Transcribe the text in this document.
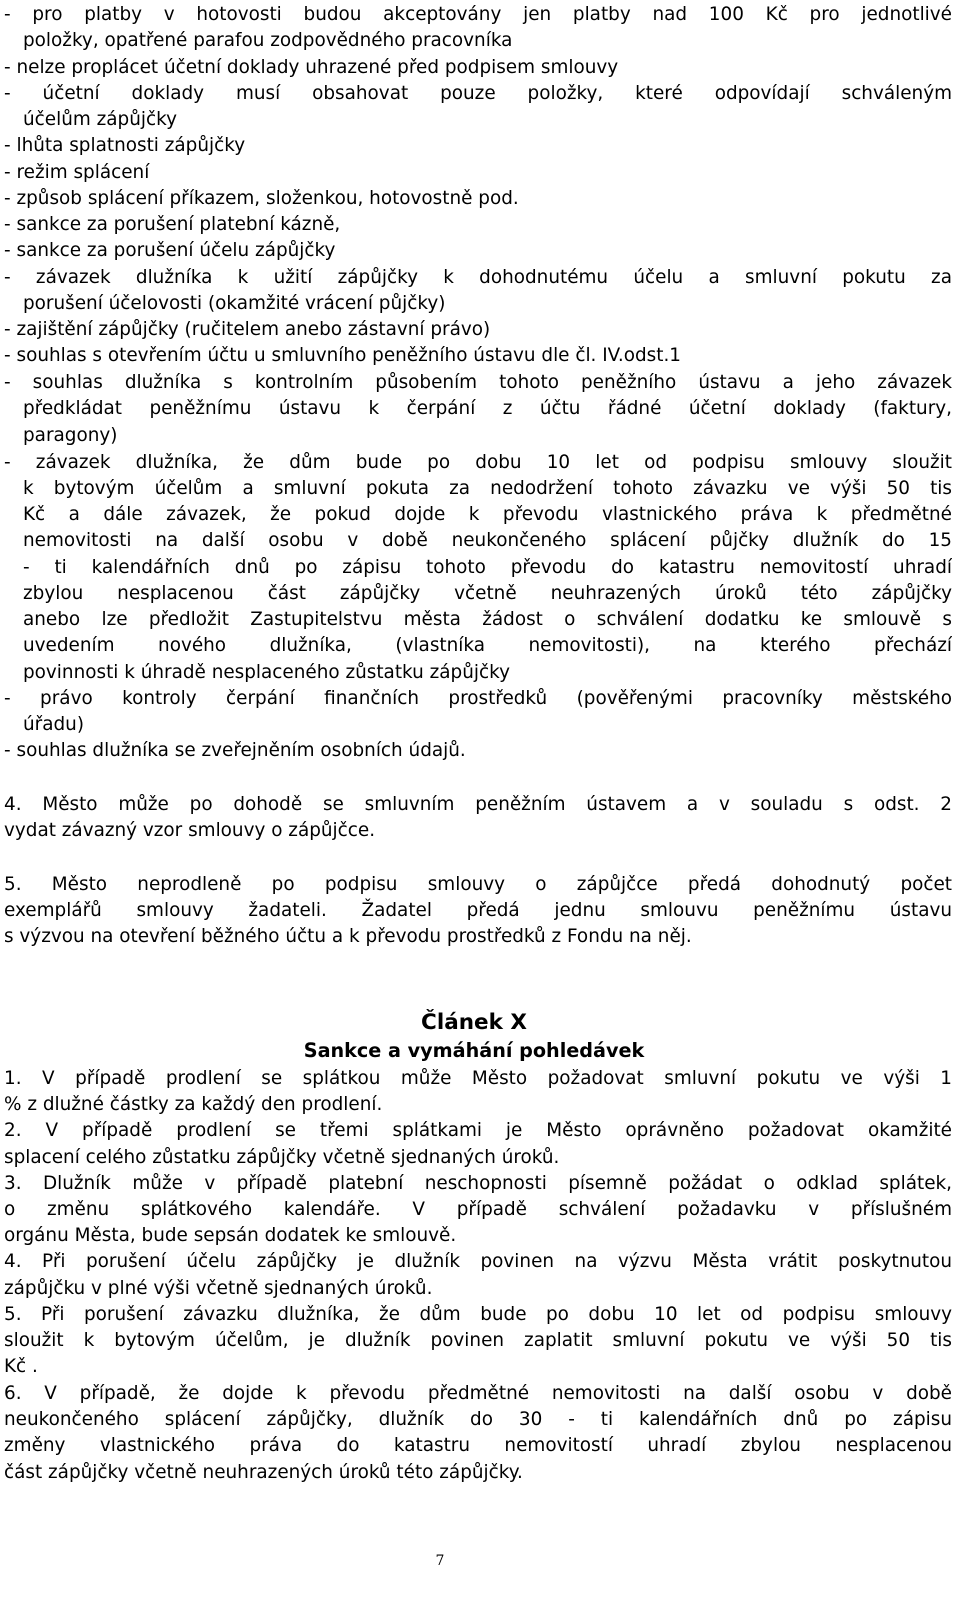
- pro platby v hotovosti budou akceptovány jen platby nad 100 Kč pro jednotlivé
položky, opatřené parafou zodpovědného pracovníka
- nelze proplácet účetní doklady uhrazené před podpisem smlouvy
- účetní doklady musí obsahovat pouze položky, které odpovídají schváleným
účelům zápůjčky
- lhůta splatnosti zápůjčky
- režim splácení
- způsob splácení příkazem, složenkou, hotovostně pod.
- sankce za porušení platební kázně,
- sankce za porušení účelu zápůjčky
- závazek dlužníka k užití zápůjčky k dohodnutému účelu a smluvní pokutu za
porušení účelovosti (okamžité vrácení půjčky)
- zajištění zápůjčky (ručitelem anebo zástavní právo)
- souhlas s otevřením účtu u smluvního peněžního ústavu dle čl. IV.odst.1
- souhlas dlužníka s kontrolním působením tohoto peněžního ústavu a jeho závazek
předkládat peněžnímu ústavu k čerpání z účtu řádné účetní doklady (faktury,
paragony)
- závazek dlužníka, že dům bude po dobu 10 let od podpisu smlouvy sloužit
k bytovým účelům a smluvní pokuta za nedodržení tohoto závazku ve výši 50 tis
Kč a dále závazek, že pokud dojde k převodu vlastnického práva k předmětné
nemovitosti na další osobu v době neukončeného splácení půjčky dlužník do 15
- ti kalendářních dnů po zápisu tohoto převodu do katastru nemovitostí uhradí
zbylou nesplacenou část zápůjčky včetně neuhrazených úroků této zápůjčky
anebo lze předložit Zastupitelstvu města žádost o schválení dodatku ke smlouvě s
uvedením nového dlužníka, (vlastníka nemovitosti), na kterého přechází
povinnosti k úhradě nesplaceného zůstatku zápůjčky
- právo kontroly čerpání finančních prostředků (pověřenými pracovníky městského
úřadu)
- souhlas dlužníka se zveřejněním osobních údajů.
4. Město může po dohodě se smluvním peněžním ústavem a v souladu s odst. 2
vydat závazný vzor smlouvy o zápůjčce.
5. Město neprodleně po podpisu smlouvy o zápůjčce předá dohodnutý počet
exemplářů smlouvy žadateli. Žadatel předá jednu smlouvu peněžnímu ústavu
s výzvou na otevření běžného účtu a k převodu prostředků z Fondu na něj.
Článek X
Sankce a vymáhání pohledávek
1. V případě prodlení se splátkou může Město požadovat smluvní pokutu ve výši 1
% z dlužné částky za každý den prodlení.
2. V případě prodlení se třemi splátkami je Město oprávněno požadovat okamžité
splacení celého zůstatku zápůjčky včetně sjednaných úroků.
3. Dlužník může v případě platební neschopnosti písemně požádat o odklad splátek,
o změnu splátkového kalendáře. V případě schválení požadavku v příslušném
orgánu Města, bude sepsán dodatek ke smlouvě.
4. Při porušení účelu zápůjčky je dlužník povinen na výzvu Města vrátit poskytnutou
zápůjčku v plné výši včetně sjednaných úroků.
5. Při porušení závazku dlužníka, že dům bude po dobu 10 let od podpisu smlouvy
sloužit k bytovým účelům, je dlužník povinen zaplatit smluvní pokutu ve výši 50 tis
Kč .
6. V případě, že dojde k převodu předmětné nemovitosti na další osobu v době
neukončeného splácení zápůjčky, dlužník do 30 - ti kalendářních dnů po zápisu
změny vlastnického práva do katastru nemovitostí uhradí zbylou nesplacenou
část zápůjčky včetně neuhrazených úroků této zápůjčky.
7
